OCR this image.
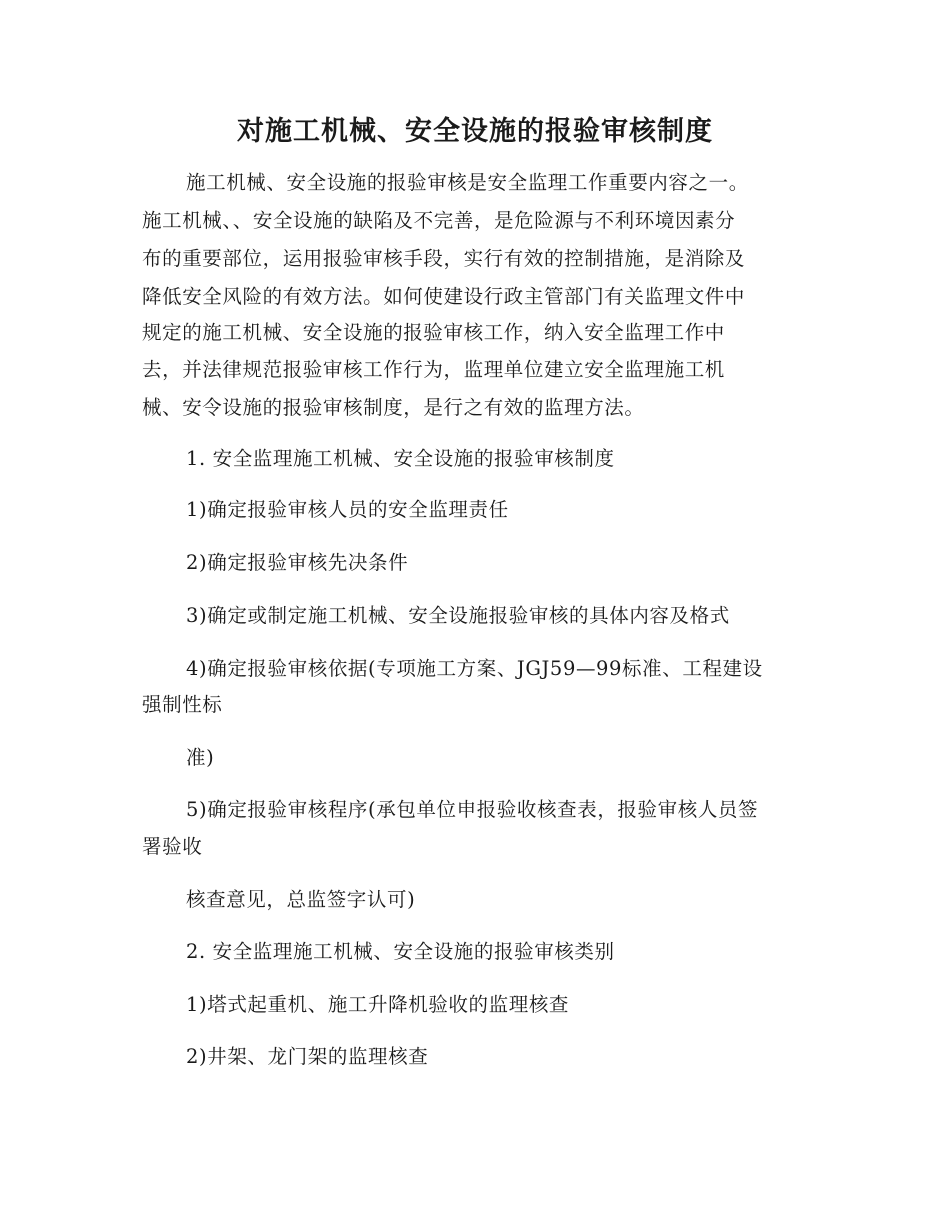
对施工机械、安全设施的报验审核制度
施工机械、安全设施的报验审核是安全监理工作重要内容之一。
施工机械、、安全设施的缺陷及不完善，是危险源与不利环境因素分
布的重要部位，运用报验审核手段，实行有效的控制措施，是消除及
降低安全风险的有效方法。如何使建设行政主管部门有关监理文件中
规定的施工机械、安全设施的报验审核工作，纳入安全监理工作中
去，并法律规范报验审核工作行为，监理单位建立安全监理施工机
械、安令设施的报验审核制度，是行之有效的监理方法。
1. 安全监理施工机械、安全设施的报验审核制度
1)确定报验审核人员的安全监理责任
2)确定报验审核先决条件
3)确定或制定施工机械、安全设施报验审核的具体内容及格式
4)确定报验审核依据(专项施工方案、JGJ59—99标准、工程建设
强制性标
准)
5)确定报验审核程序(承包单位申报验收核查表，报验审核人员签
署验收
核查意见，总监签字认可)
2. 安全监理施工机械、安全设施的报验审核类别
1)塔式起重机、施工升降机验收的监理核查
2)井架、龙门架的监理核查
